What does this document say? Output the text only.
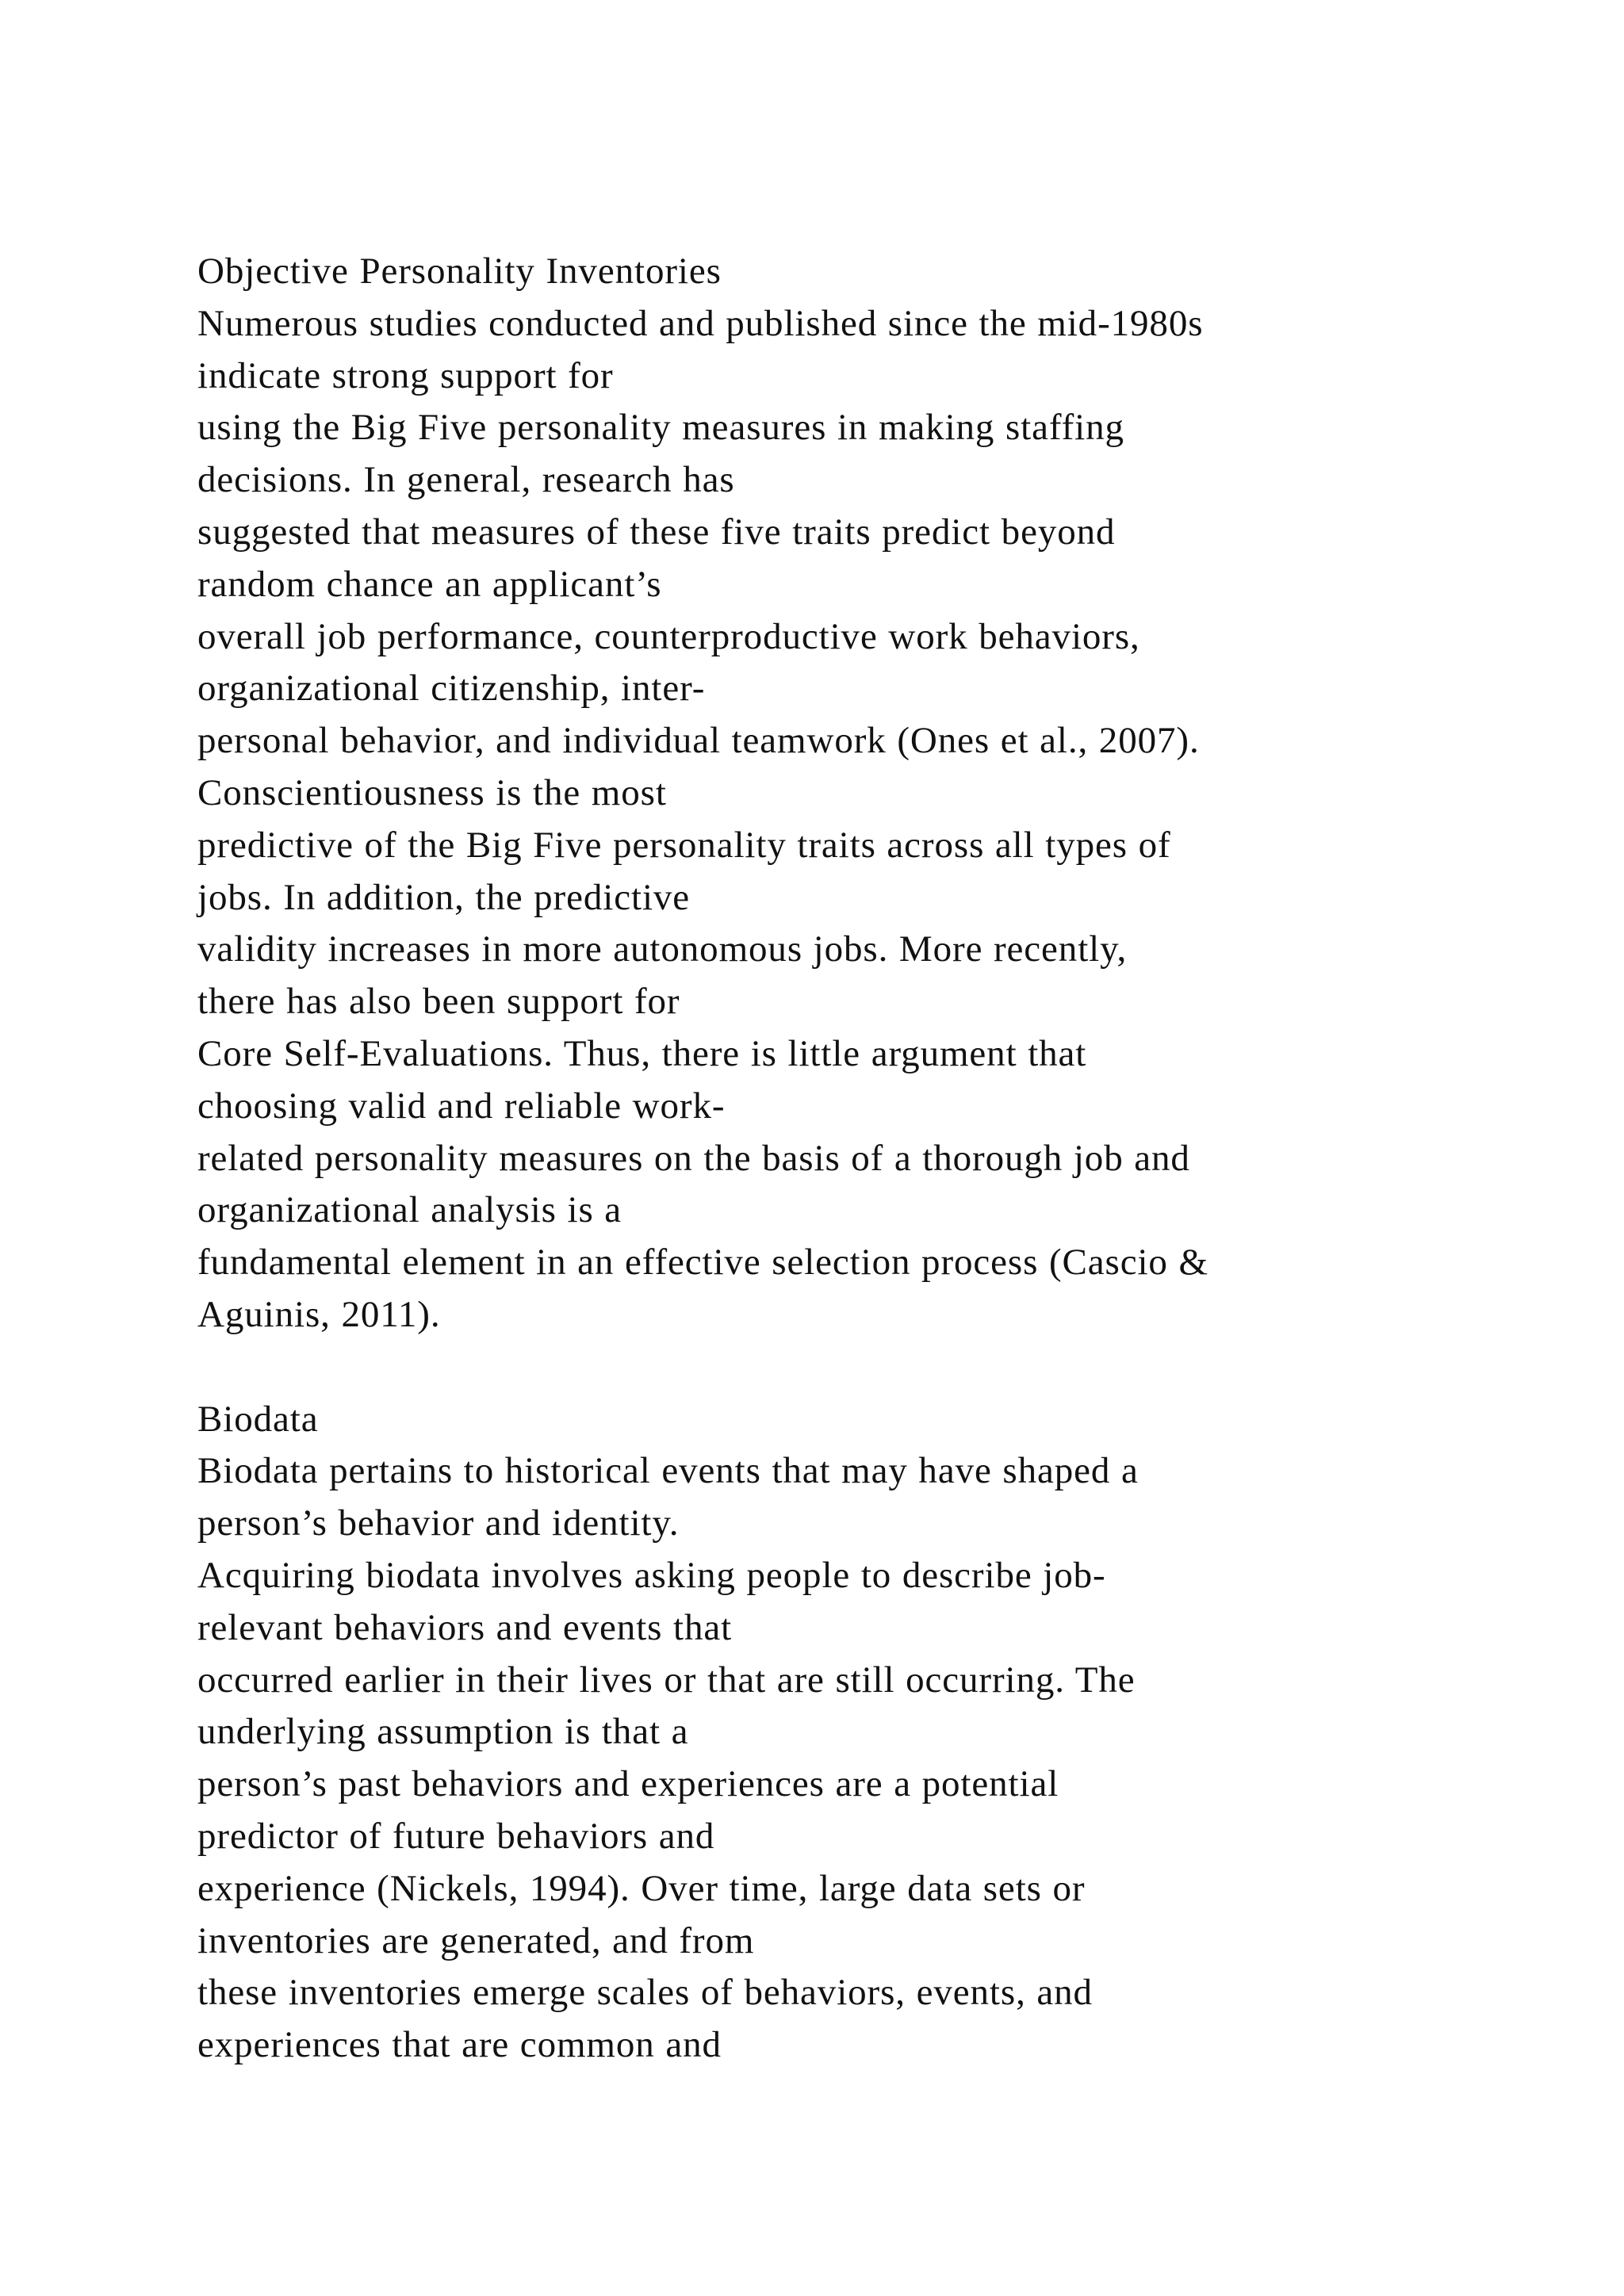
Objective Personality Inventories
Numerous studies conducted and published since the mid-1980s
indicate strong support for
using the Big Five personality measures in making staffing
decisions. In general, research has
suggested that measures of these five traits predict beyond
random chance an applicant’s
overall job performance, counterproductive work behaviors,
organizational citizenship, inter-
personal behavior, and individual teamwork (Ones et al., 2007).
Conscientiousness is the most
predictive of the Big Five personality traits across all types of
jobs. In addition, the predictive
validity increases in more autonomous jobs. More recently,
there has also been support for
Core Self-Evaluations. Thus, there is little argument that
choosing valid and reliable work-
related personality measures on the basis of a thorough job and
organizational analysis is a
fundamental element in an effective selection process (Cascio &
Aguinis, 2011).
Biodata
Biodata pertains to historical events that may have shaped a
person’s behavior and identity.
Acquiring biodata involves asking people to describe job-
relevant behaviors and events that
occurred earlier in their lives or that are still occurring. The
underlying assumption is that a
person’s past behaviors and experiences are a potential
predictor of future behaviors and
experience (Nickels, 1994). Over time, large data sets or
inventories are generated, and from
these inventories emerge scales of behaviors, events, and
experiences that are common and
